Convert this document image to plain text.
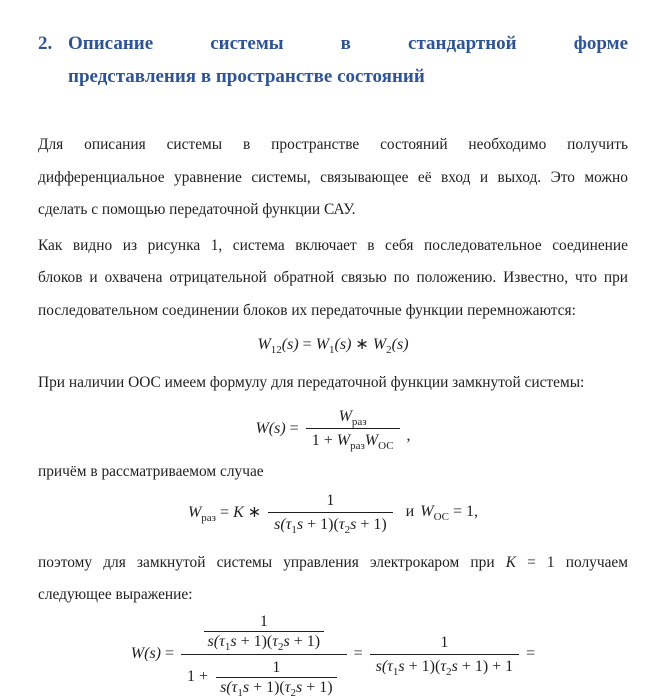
2. Описание системы в стандартной форме
представления в пространстве состояний

Для описания системы в пространстве состояний необходимо получить
дифференциальное уравнение системы, связывающее её вход и выход. Это можно
сделать с помощью передаточной функции САУ.

Как видно из рисунка 1, система включает в себя последовательное соединение
блоков и охвачена отрицательной обратной связью по положению. Известно, что при
последовательном соединении блоков их передаточные функции перемножаются:

$W_{12}(s) = W_1(s)$ ∗ $W_2(s)$

При наличии ООС имеем формулу для передаточной функции замкнутой системы:

$W(s) = \frac{W_{раз}}{1 + W_{раз}W_{ОС}}$ ,

причём в рассматриваемом случае

$W_{раз} = K$ ∗ $\frac{1}{s(\tau_1s + 1)(\tau_2s + 1)}$ и $W_{ОС} = 1$,

поэтому для замкнутой системы управления электрокаром при K = 1 получаем
следующее выражение:

$W(s) = \frac{\frac{1}{s(\tau_1s + 1)(\tau_2s + 1)}}{1 + \frac{1}{s(\tau_1s + 1)(\tau_2s + 1)}} = \frac{1}{s(\tau_1s + 1)(\tau_2s + 1) + 1}$ =
